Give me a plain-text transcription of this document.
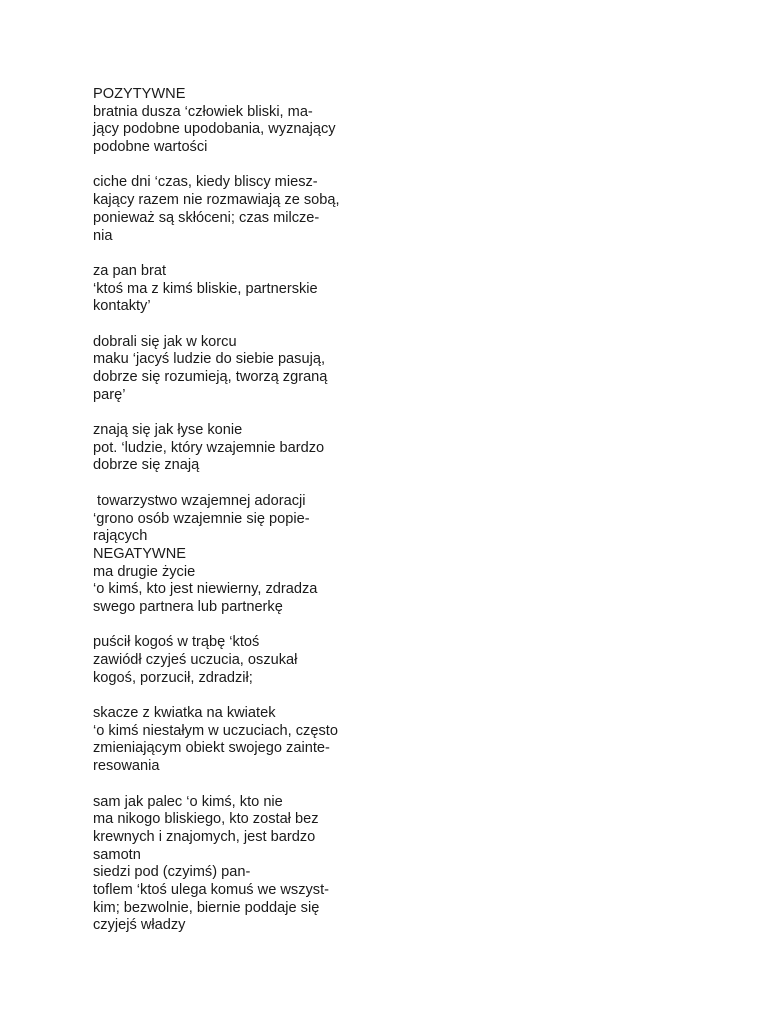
POZYTYWNE
bratnia dusza ‘człowiek bliski, ma-
jący podobne upodobania, wyznający
podobne wartości
ciche dni ‘czas, kiedy bliscy miesz-
kający razem nie rozmawiają ze sobą,
ponieważ są skłóceni; czas milcze-
nia
za pan brat
‘ktoś ma z kimś bliskie, partnerskie
kontakty’
dobrali się jak w korcu
maku ‘jacyś ludzie do siebie pasują,
dobrze się rozumieją, tworzą zgraną
parę’
znają się jak łyse konie
pot. ‘ludzie, który wzajemnie bardzo
dobrze się znają
towarzystwo wzajemnej adoracji
‘grono osób wzajemnie się popie-
rających
NEGATYWNE
ma drugie życie
‘o kimś, kto jest niewierny, zdradza
swego partnera lub partnerkę
puścił kogoś w trąbę ‘ktoś
zawiódł czyjeś uczucia, oszukał
kogoś, porzucił, zdradził;
skacze z kwiatka na kwiatek
‘o kimś niestałym w uczuciach, często
zmieniającym obiekt swojego zainte-
resowania
sam jak palec ‘o kimś, kto nie
ma nikogo bliskiego, kto został bez
krewnych i znajomych, jest bardzo
samotn
siedzi pod (czyimś) pan-
toflem ‘ktoś ulega komuś we wszyst-
kim; bezwolnie, biernie poddaje się
czyjejś władzy
